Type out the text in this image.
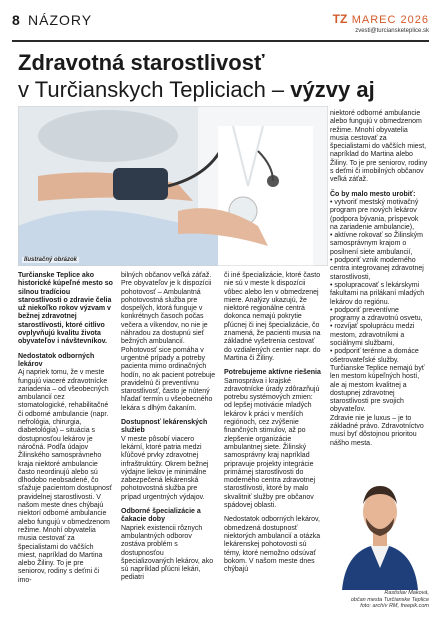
8 NÁZORY	TZ MAREC 2026
zvesti@turciansketeplice.sk
Zdravotná starostlivosť
v Turčianskych Tepliciach – výzvy aj
Ilustračný obrázok

Turčianske Teplice ako historické kúpeľné mesto so silnou tradíciou starostlivosti o zdravie čelia už niekoľko rokov výzvam v bežnej zdravotnej starostlivosti, ktoré citlivo ovplyvňujú kvalitu života obyvateľov i návštevníkov.

Nedostatok odborných lekárov

Aj napriek tomu, že v meste fungujú viaceré zdravotnícke zariadenia – od všeobecných ambulancií cez stomatologické, rehabilitačné či odborné ambulancie (napr. nefrológia, chirurgia, diabetológia) – situácia s dostupnosťou lekárov je náročná. Podľa údajov Žilinského samosprávneho kraja niektoré ambulancie často neordinujú alebo sú dlhodobo neobsadené, čo sťažuje pacientom dostupnosť pravidelnej starostlivosti. V našom meste dnes chýbajú niektorí odborné ambulancie alebo fungujú v obmedzenom režime. Mnohí obyvatelia musia cestovať za špecialistami do väčších miest, napríklad do Martina alebo Žiliny. To je pre seniorov, rodiny s deťmi či imo-

bilných občanov veľká záťaž. Pre obyvateľov je k dispozícii pohotovosť – Ambulantná pohotovostná služba pre dospelých, ktorá funguje v konkrétnych časoch počas večera a víkendov, no nie je náhradou za dostupnú sieť bežných ambulancií. Pohotovosť sice pomáha v urgentné prípady a potreby pacienta mimo ordinačných hodín, no ak pacient potrebuje pravidelnú či preventívnu starostlivosť, často je nútený hľadať termín u všeobecného lekára s dlhým čakaním.

Dostupnosť lekárenských služieb

V meste pôsobí viacero lekární, ktoré patria medzi kľúčové prvky zdravotnej infraštruktúry. Okrem bežnej výdajne liekov je minimálne zabezpečená lekárenská pohotovostná služba pre prípad urgentných výdajov.

Odborné špecializácie a čakacie doby

Napriek existencii rôznych ambulantných odborov zostáva problém s dostupnosťou špecializovaných lekárov, ako sú napríklad pľúcni lekári, pediatri

či iné špecializácie, ktoré často nie sú v meste k dispozícii vôbec alebo len v obmedzenej miere. Analýzy ukazujú, že niektoré regionálne centrá dokonca nemajú pokrytie pľúcnej či inej špecializácie, čo znamená, že pacienti musia na základné vyšetrenia cestovať do vzdialených centier napr. do Martina či Žiliny.

Potrebujeme aktívne riešenia

Samospráva i krajské zdravotnícke úrady zdôrazňujú potrebu systémových zmien: od lepšej motivácie mladých lekárov k práci v menších regiónoch, cez zvýšenie finančných stimulov, až po zlepšenie organizácie ambulantnej siete. Žilinský samosprávny kraj napríklad pripravuje projekty integrácie primárnej starostlivosti do moderného centra zdravotnej starostlivosti, ktoré by malo skvalitniť služby pre občanov spádovej oblasti.

Nedostatok odborných lekárov, obmedzená dostupnosť niektorých ambulancií a otázka lekárenskej pohotovosti sú témy, ktoré nemožno odsúvať bokom. V našom meste dnes chýbajú

niektoré odborné ambulancie alebo fungujú v obmedzenom režime. Mnohí obyvatelia musia cestovať za špecialistami do väčších miest, napríklad do Martina alebo Žiliny. To je pre seniorov, rodiny s deťmi či imobilných občanov veľká záťaž.

Čo by malo mesto urobiť:

• vytvoriť mestský motivačný program pre nových lekárov (podpora bývania, príspevok na zariadenie ambulancie),

• aktívne rokovať so Žilinským samosprávnym krajom o posilnení siete ambulancií,

• podporiť vznik moderného centra integrovanej zdravotnej starostlivosti,

• spolupracovať s lekárskymi fakultami na prilákaní mladých lekárov do regiónu.

• podporiť preventívne programy a zdravotnú osvetu,

• rozvíjať spoluprácu medzi mestom, zdravotníkmi a sociálnymi službami,

• podporiť terénne a domáce ošetrovateľské služby.

Turčianske Teplice nemajú byť len mestom kúpeľných hostí, ale aj mestom kvalitnej a dostupnej zdravotnej starostlivosti pre svojich obyvateľov.

Zdravie nie je luxus – je to základné právo. Zdravotníctvo musí byť dôstojnou prioritou nášho mesta.

Rastislav Maková,
občan mesta Turčianske Teplice
foto: archív RM, freepik.com
